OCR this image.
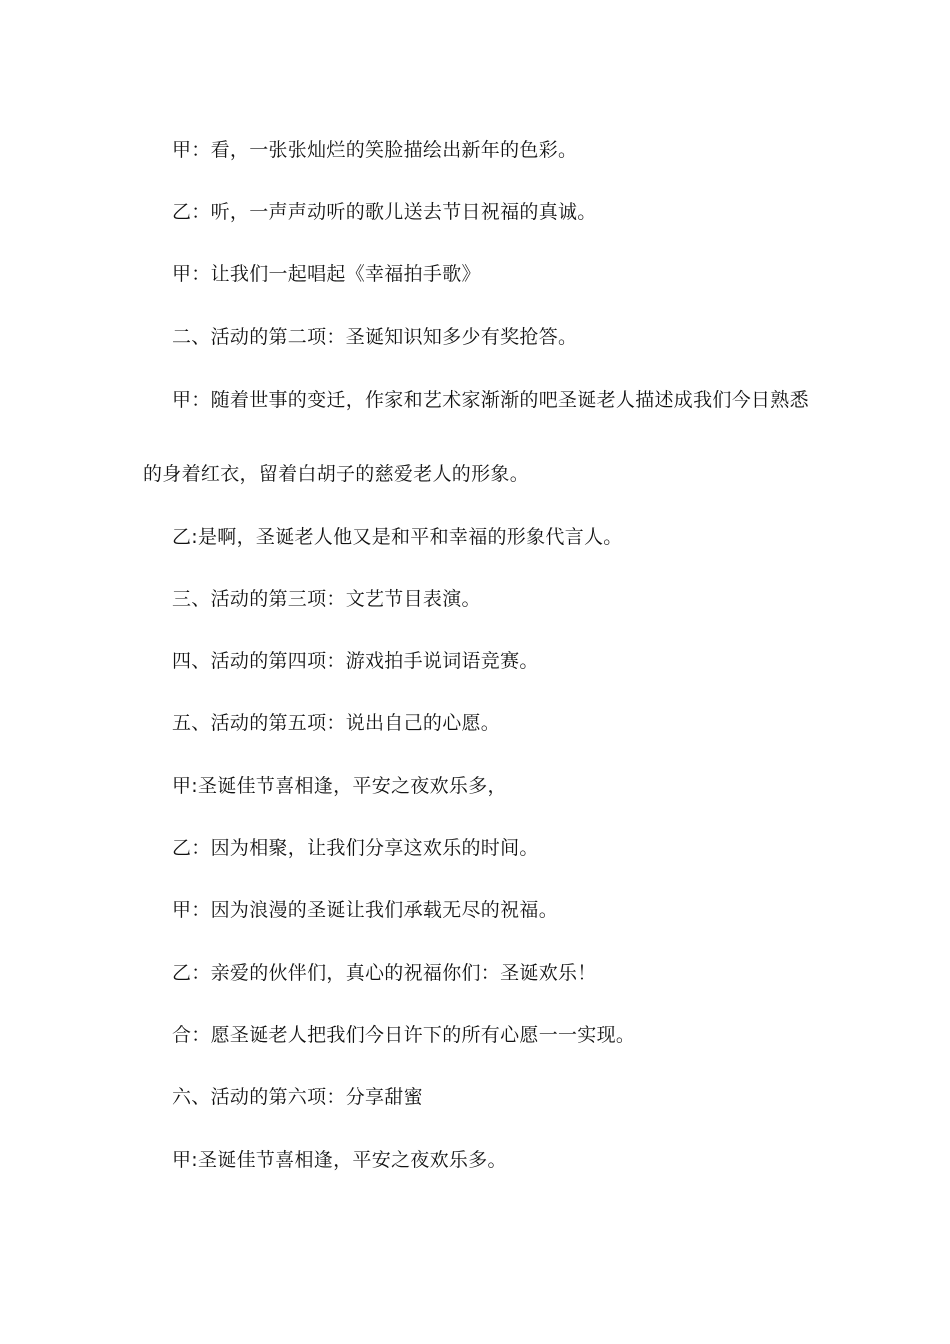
甲：看，一张张灿烂的笑脸描绘出新年的色彩。
乙：听，一声声动听的歌儿送去节日祝福的真诚。
甲：让我们一起唱起《幸福拍手歌》
二、活动的第二项：圣诞知识知多少有奖抢答。
甲：随着世事的变迁，作家和艺术家渐渐的吧圣诞老人描述成我们今日熟悉
的身着红衣，留着白胡子的慈爱老人的形象。
乙:是啊，圣诞老人他又是和平和幸福的形象代言人。
三、活动的第三项：文艺节目表演。
四、活动的第四项：游戏拍手说词语竞赛。
五、活动的第五项：说出自己的心愿。
甲:圣诞佳节喜相逢，平安之夜欢乐多，
乙：因为相聚，让我们分享这欢乐的时间。
甲：因为浪漫的圣诞让我们承载无尽的祝福。
乙：亲爱的伙伴们，真心的祝福你们：圣诞欢乐！
合：愿圣诞老人把我们今日许下的所有心愿一一实现。
六、活动的第六项：分享甜蜜
甲:圣诞佳节喜相逢，平安之夜欢乐多。
